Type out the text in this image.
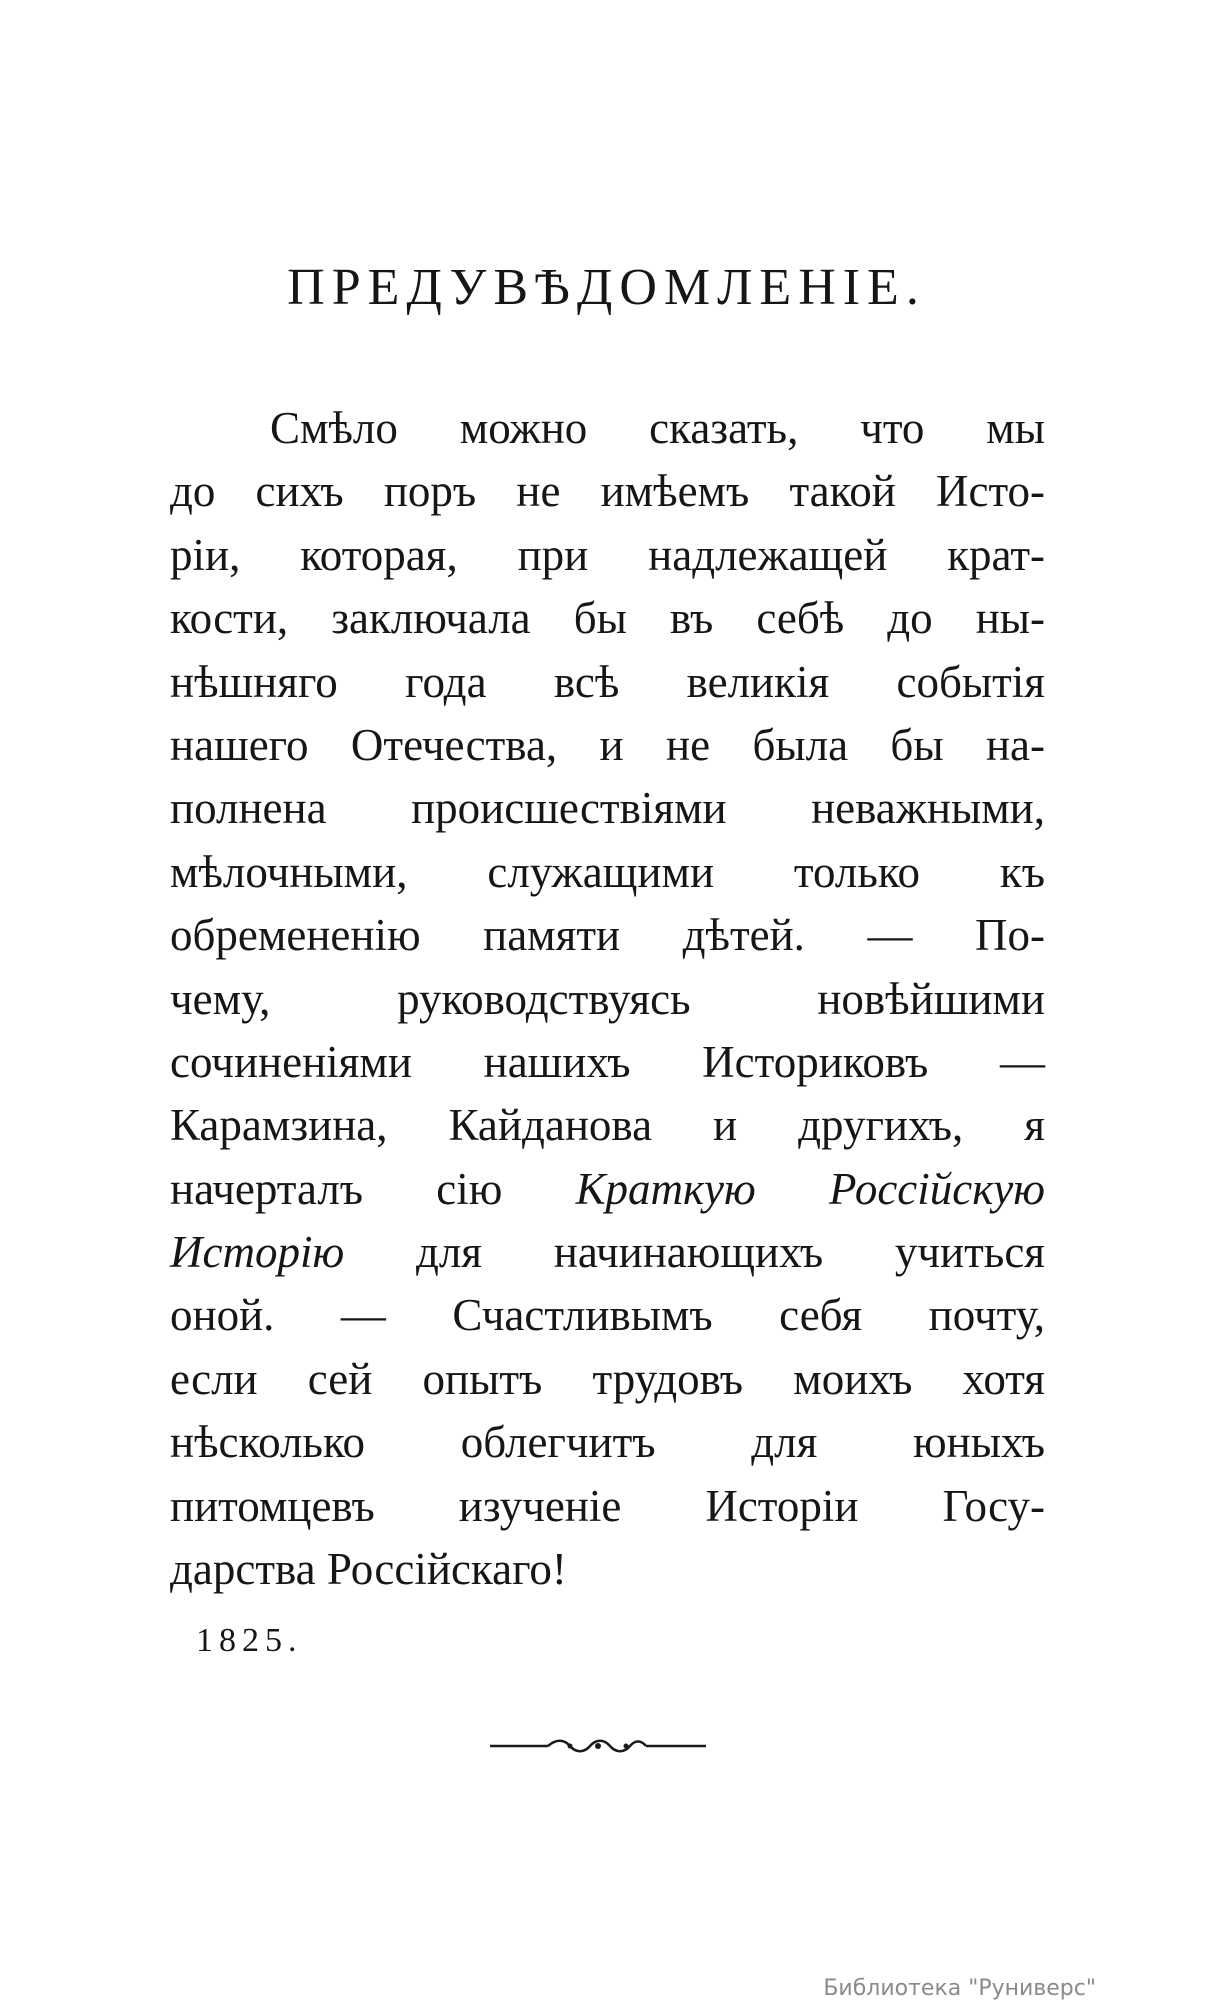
ПРЕДУВѢДОМЛЕНІЕ.
Смѣло можно сказать, что мы
до сихъ поръ не имѣемъ такой Исто-
ріи, которая, при надлежащей крат-
кости, заключала бы въ себѣ до ны-
нѣшняго года всѣ великія событія
нашего Отечества, и не была бы на-
полнена происшествіями неважными,
мѣлочными, служащими только къ
обремененію памяти дѣтей. — По-
чему, руководствуясь новѣйшими
сочиненіями нашихъ Историковъ —
Карамзина, Кайданова и другихъ, я
начерталъ сію Краткую Россійскую
Исторію для начинающихъ учиться
оной. — Счастливымъ себя почту,
если сей опытъ трудовъ моихъ хотя
нѣсколько облегчитъ для юныхъ
питомцевъ изученіе Исторіи Госу-
дарства Россійскаго!

1825.

Библиотека "Руниверс"
